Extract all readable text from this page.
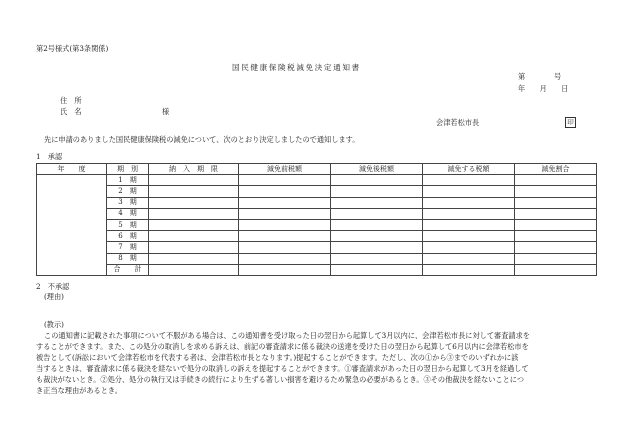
第2号様式(第3条関係)
国民健康保険税減免決定通知書
第　　　　号
年　　月　　日
住　所
氏　名	様
会津若松市長	印
先に申請のありました国民健康保険税の減免について、次のとおり決定しましたので通知します。
1　承認
年　　度	期　別	納　入　期　限	減免前税額	減免後税額	減免する税額	減免割合
	1　期					
	2　期					
	3　期					
	4　期					
	5　期					
	6　期					
	7　期					
	8　期					
	合　　計					
2　不承認
(理由)
(教示)

この通知書に記載された事項について不服がある場合は、この通知書を受け取った日の翌日から起算して3月以内に、会津若松市長に対して審査請求を

することができます。また、この処分の取消しを求める訴えは、前記の審査請求に係る裁決の送達を受けた日の翌日から起算して6月以内に会津若松市を

被告として(訴訟において会津若松市を代表する者は、会津若松市長となります。)提起することができます。ただし、次の①から③までのいずれかに該

当するときは、審査請求に係る裁決を経ないで処分の取消しの訴えを提起することができます。①審査請求があった日の翌日から起算して3月を経過して

も裁決がないとき。②処分、処分の執行又は手続きの続行により生ずる著しい損害を避けるため緊急の必要があるとき。③その他裁決を経ないことにつ

き正当な理由があるとき。
